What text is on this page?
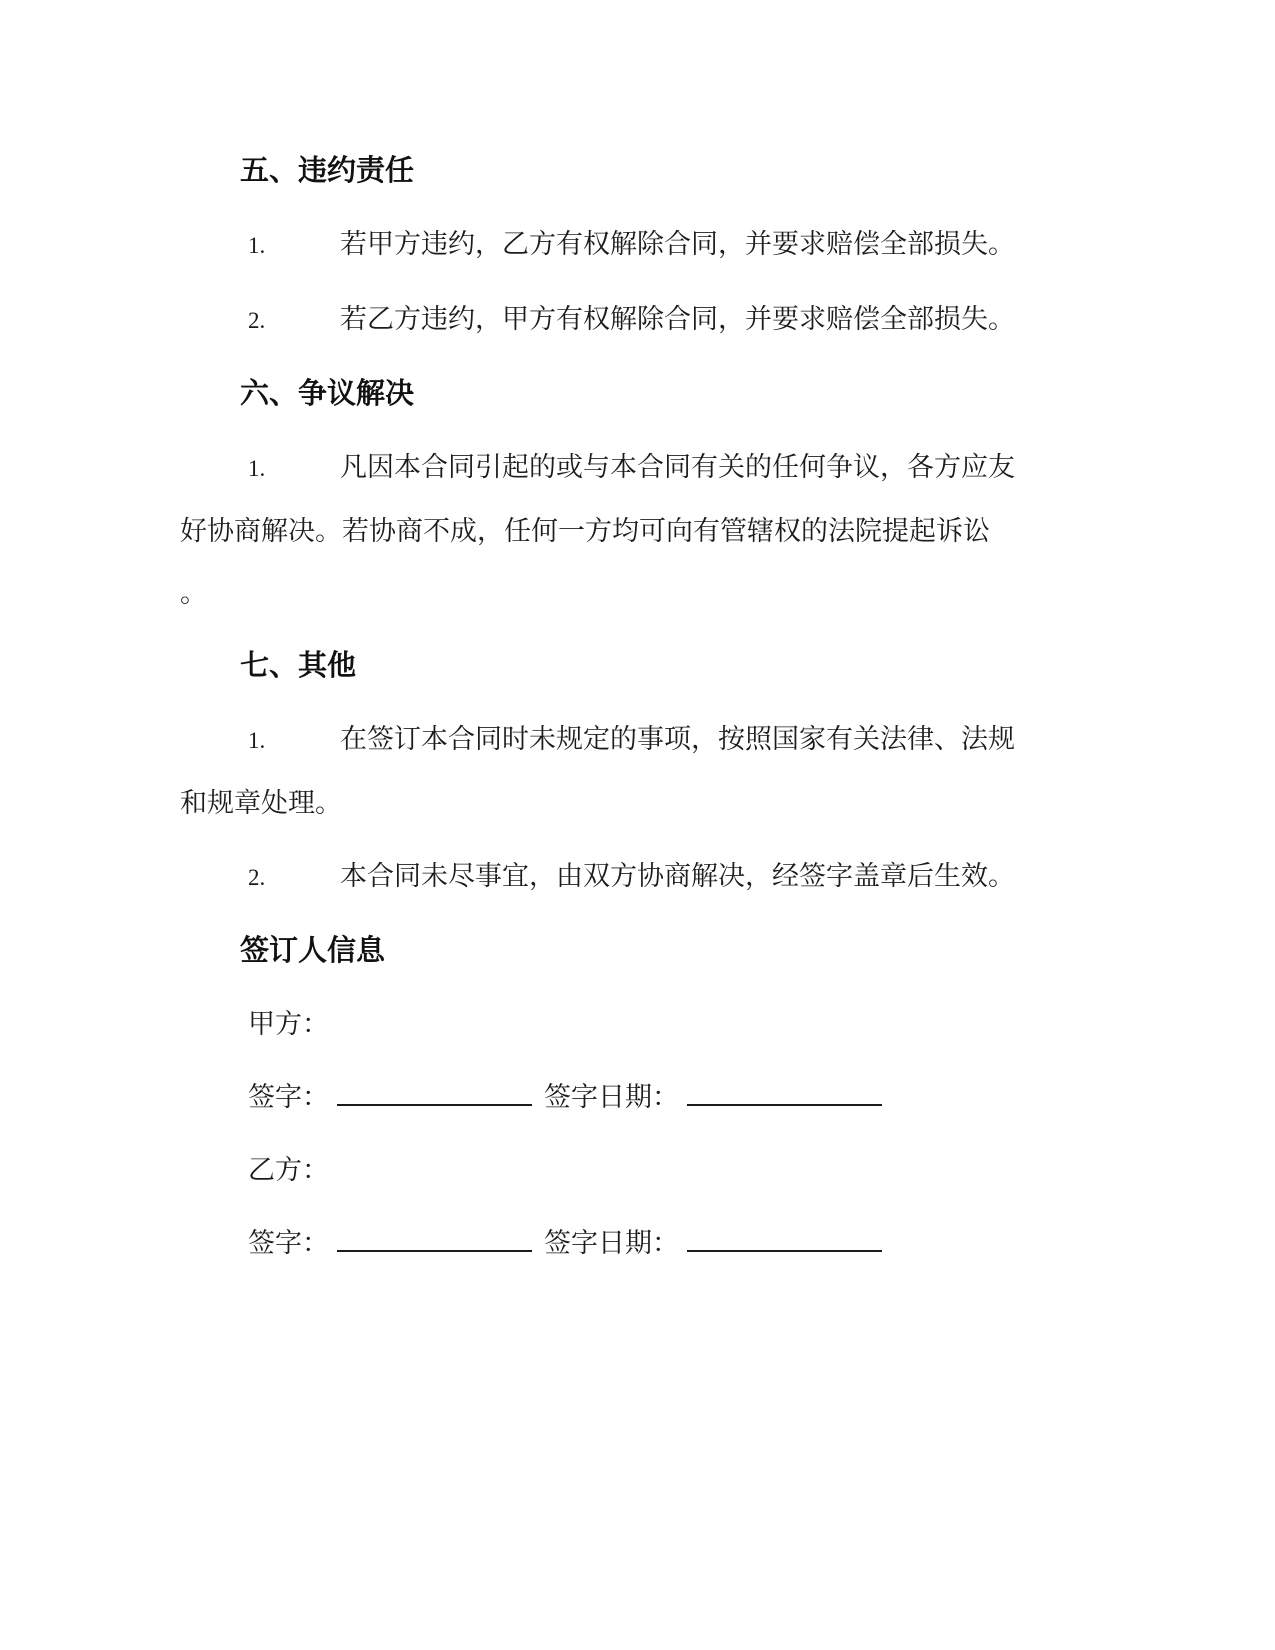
五、违约责任
1.	若甲方违约，乙方有权解除合同，并要求赔偿全部损失。
2.	若乙方违约，甲方有权解除合同，并要求赔偿全部损失。
六、争议解决
1.	凡因本合同引起的或与本合同有关的任何争议，各方应友
好协商解决。若协商不成，任何一方均可向有管辖权的法院提起诉讼
。
七、其他
1.	在签订本合同时未规定的事项，按照国家有关法律、法规
和规章处理。
2.	本合同未尽事宜，由双方协商解决，经签字盖章后生效。
签订人信息
甲方：
签字：	签字日期：
乙方：
签字：	签字日期：
